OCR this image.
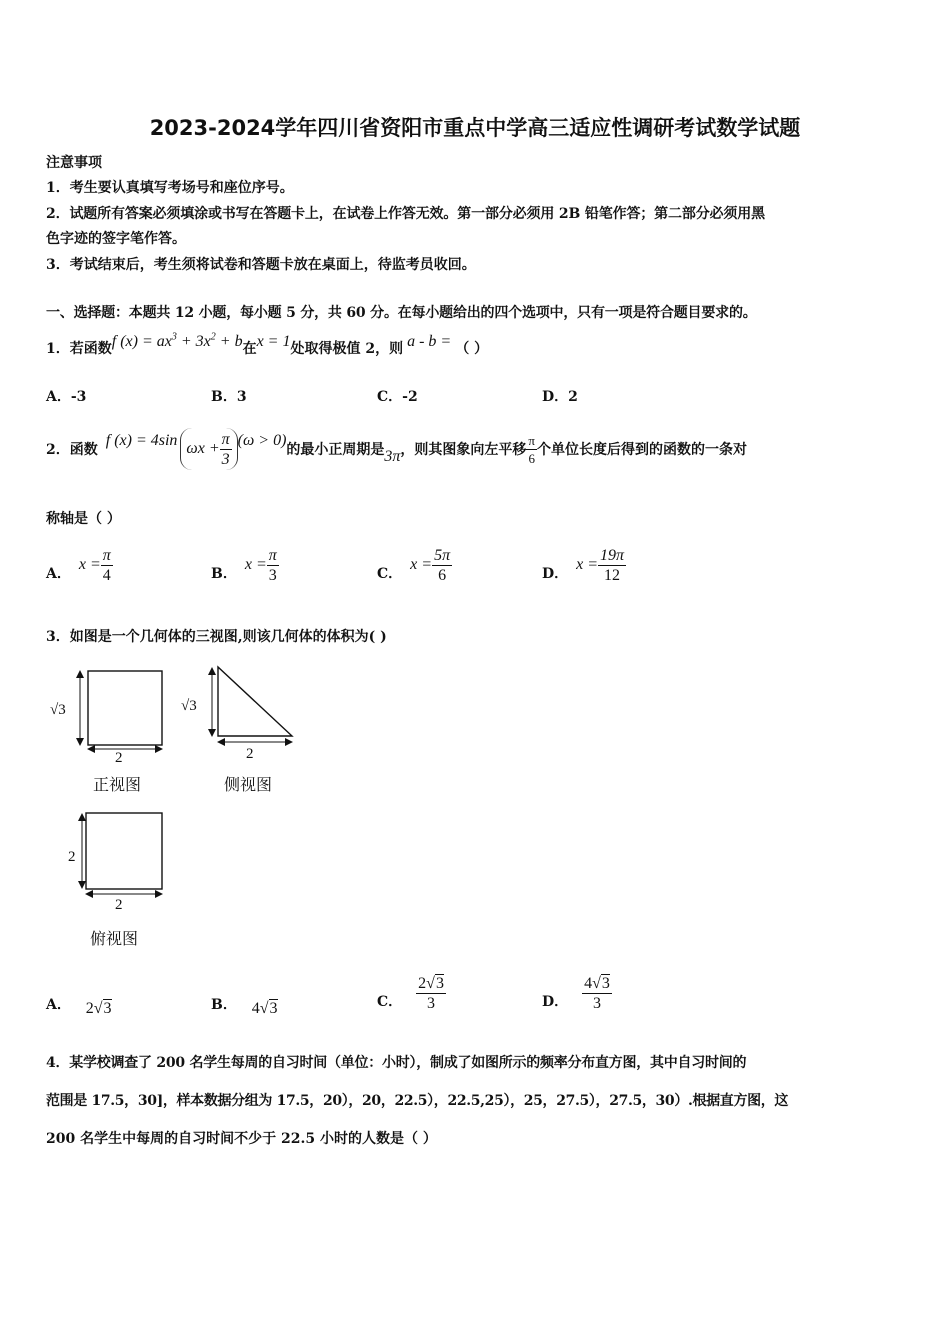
2023-2024学年四川省资阳市重点中学高三适应性调研考试数学试题
注意事项
1．考生要认真填写考场号和座位序号。
2．试题所有答案必须填涂或书写在答题卡上，在试卷上作答无效。第一部分必须用 2B 铅笔作答；第二部分必须用黑
色字迹的签字笔作答。
3．考试结束后，考生须将试卷和答题卡放在桌面上，待监考员收回。
一、选择题：本题共 12 小题，每小题 5 分，共 60 分。在每小题给出的四个选项中，只有一项是符合题目要求的。
1．若函数f $(x) = ax^3 + 3x^2 + b$在x = 1处取得极值 2，则 a - b = （ ）
A．-3	B．3	C．-2	D．2
2．函数
f (x) = 4sin $\omega x + \frac{\pi}{3} (\omega > 0)$
的最小正周期是 3π ，则其图象向左平移 $\frac{\pi}{6}$ 个单位长度后得到的函数的一条对
称轴是（ ）
A．
$x = \frac{\pi}{4}$	B．
$x = \frac{\pi}{3}$	C．
$x = \frac{5\pi}{6}$	D．
$x = \frac{19\pi}{12}$
3．如图是一个几何体的三视图,则该几何体的体积为( )
√3
2
正视图
√3
2
侧视图
2
2
俯视图
A． 2√3	B． 4√3	C． $\frac{2√3}{3}$	D． $\frac{4√3}{3}$
4．某学校调查了 200 名学生每周的自习时间（单位：小时），制成了如图所示的频率分布直方图，其中自习时间的
范围是 17.5，30]，样本数据分组为 17.5，20），20，22.5），22.5,25），25，27.5），27.5，30）.根据直方图，这
200 名学生中每周的自习时间不少于 22.5 小时的人数是（ ）
